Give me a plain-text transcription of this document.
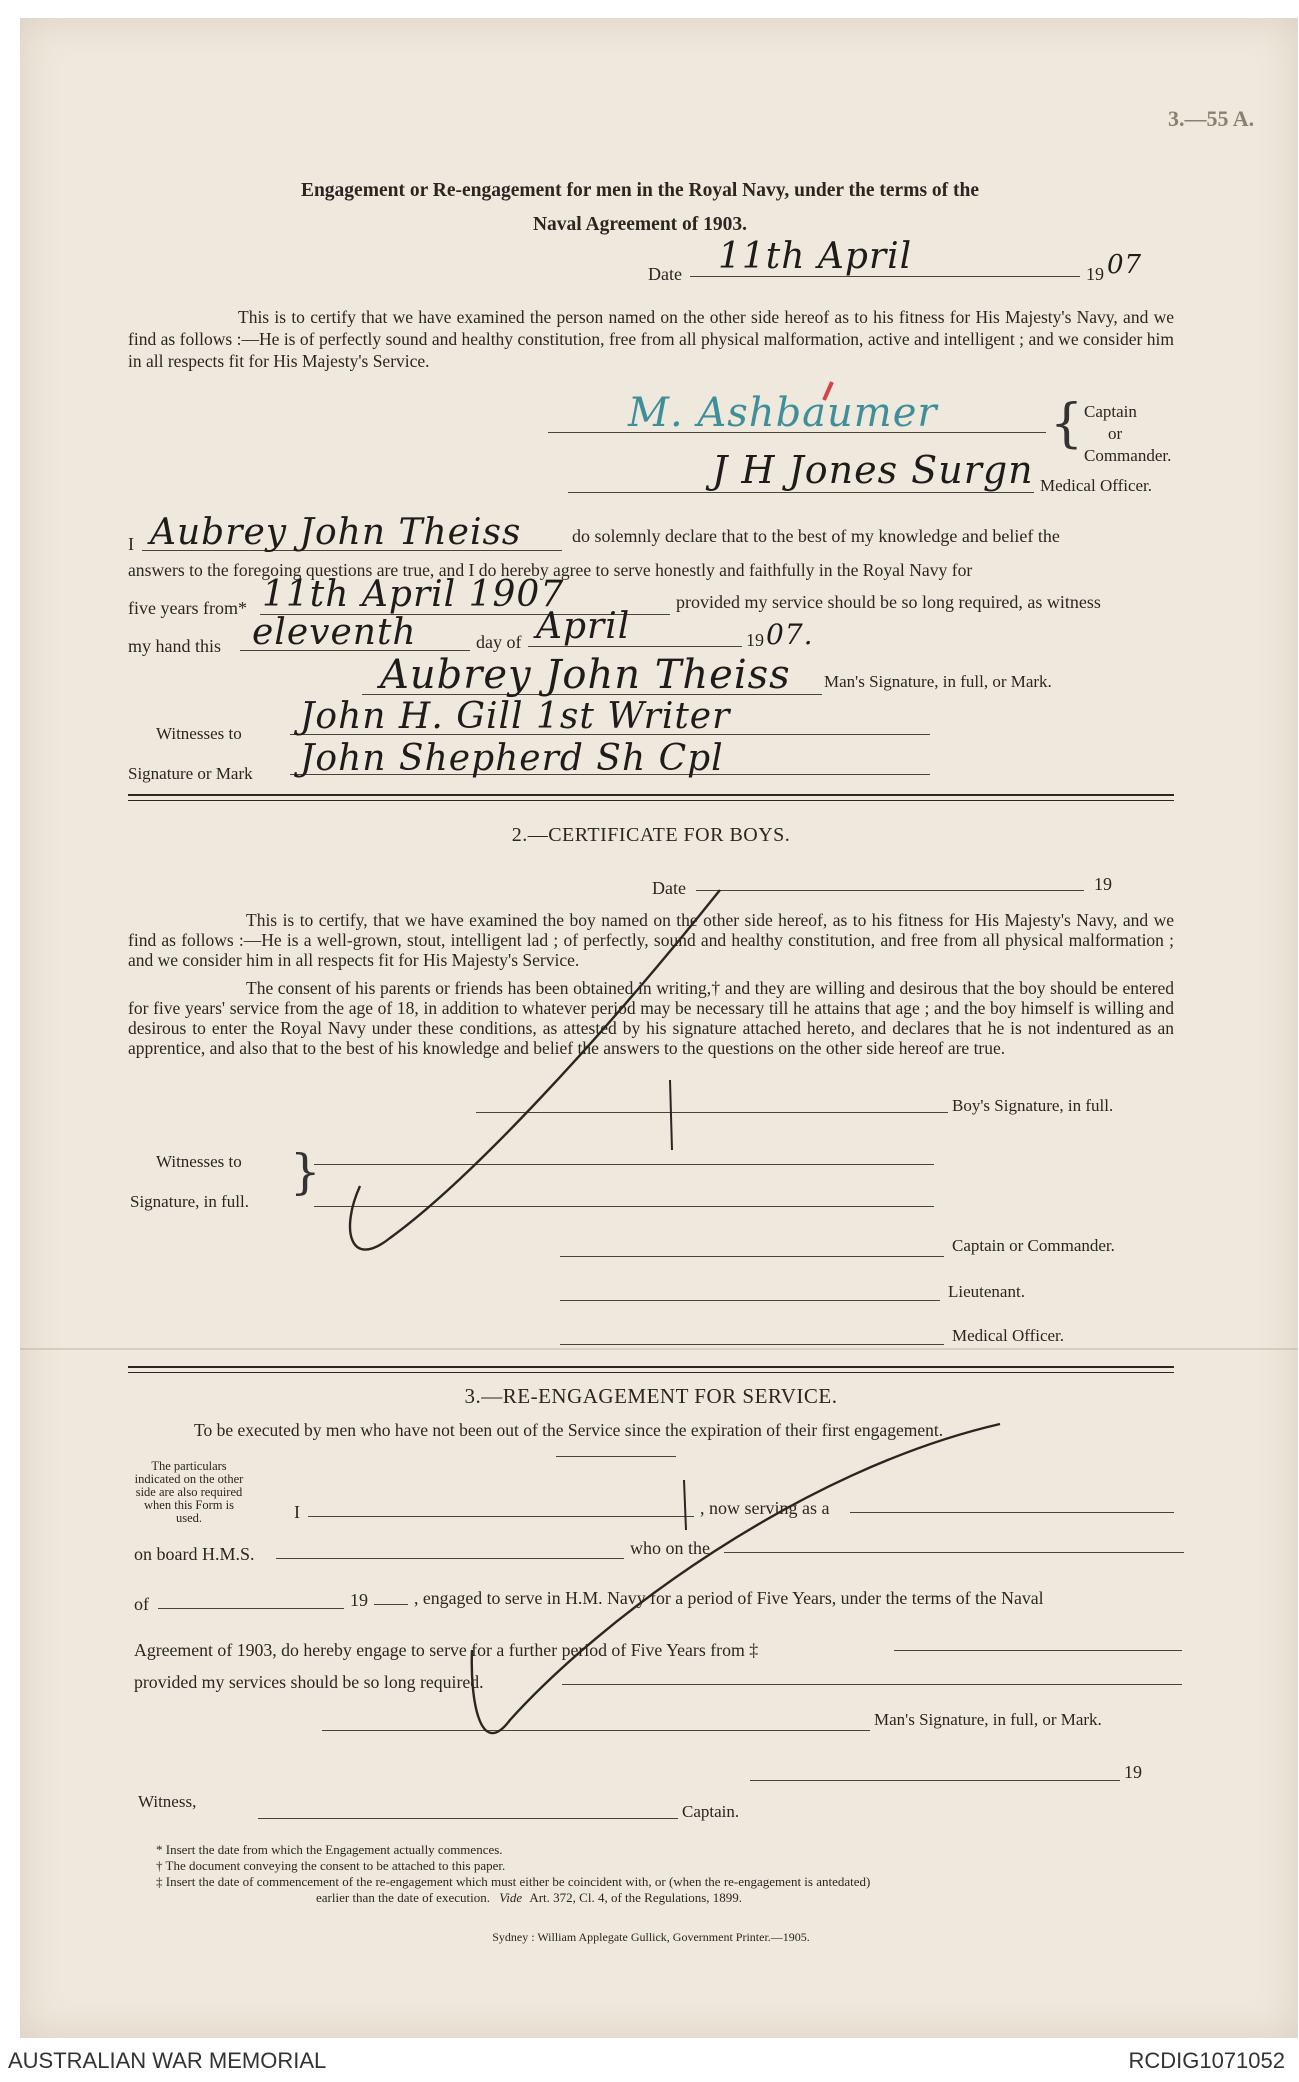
3.—55 A.
Engagement or Re-engagement for men in the Royal Navy, under the terms of the
Naval Agreement of 1903.
Date 11th April	19 07
This is to certify that we have examined the person named on the other side hereof as to his fitness for His Majesty's Navy, and we find as follows :—He is of perfectly sound and healthy constitution, free from all physical malformation, active and intelligent ; and we consider him in all respects fit for His Majesty's Service.
M. Ashbaumer { Captain
or
Commander.
J H Jones Surgn Medical Officer.
I Aubrey John Theiss	do solemnly declare that to the best of my knowledge and belief the
answers to the foregoing questions are true, and I do hereby agree to serve honestly and faithfully in the Royal Navy for
five years from* 11th April 1907	provided my service should be so long required, as witness
my hand this eleventh	day of April	19 07.
Aubrey John Theiss Man's Signature, in full, or Mark.
Witnesses to
Signature or Mark
John H. Gill 1st Writer
John Shepherd Sh Cpl
2.—CERTIFICATE FOR BOYS.
Date	19
This is to certify, that we have examined the boy named on the other side hereof, as to his fitness for His Majesty's Navy, and we find as follows :—He is a well-grown, stout, intelligent lad ; of perfectly, sound and healthy constitution, and free from all physical malformation ; and we consider him in all respects fit for His Majesty's Service.
The consent of his parents or friends has been obtained in writing,† and they are willing and desirous that the boy should be entered for five years' service from the age of 18, in addition to whatever period may be necessary till he attains that age ; and the boy himself is willing and desirous to enter the Royal Navy under these conditions, as attested by his signature attached hereto, and declares that he is not indentured as an apprentice, and also that to the best of his knowledge and belief the answers to the questions on the other side hereof are true.
Boy's Signature, in full.
Witnesses to
Signature, in full.
}
Captain or Commander.
Lieutenant.
Medical Officer.
3.—RE-ENGAGEMENT FOR SERVICE.
To be executed by men who have not been out of the Service since the expiration of their first engagement.
The particulars indicated on the other side are also required when this Form is used.	I	, now serving as a
on board H.M.S.	who on the
of	19	, engaged to serve in H.M. Navy for a period of Five Years, under the terms of the Naval
Agreement of 1903, do hereby engage to serve for a further period of Five Years from ‡
provided my services should be so long required.
Man's Signature, in full, or Mark.
19
Witness,
Captain.
* Insert the date from which the Engagement actually commences.
† The document conveying the consent to be attached to this paper.
‡ Insert the date of commencement of the re-engagement which must either be coincident with, or (when the re-engagement is antedated)
earlier than the date of execution. Vide Art. 372, Cl. 4, of the Regulations, 1899.
Sydney : William Applegate Gullick, Government Printer.—1905.
AUSTRALIAN WAR MEMORIAL	RCDIG1071052
